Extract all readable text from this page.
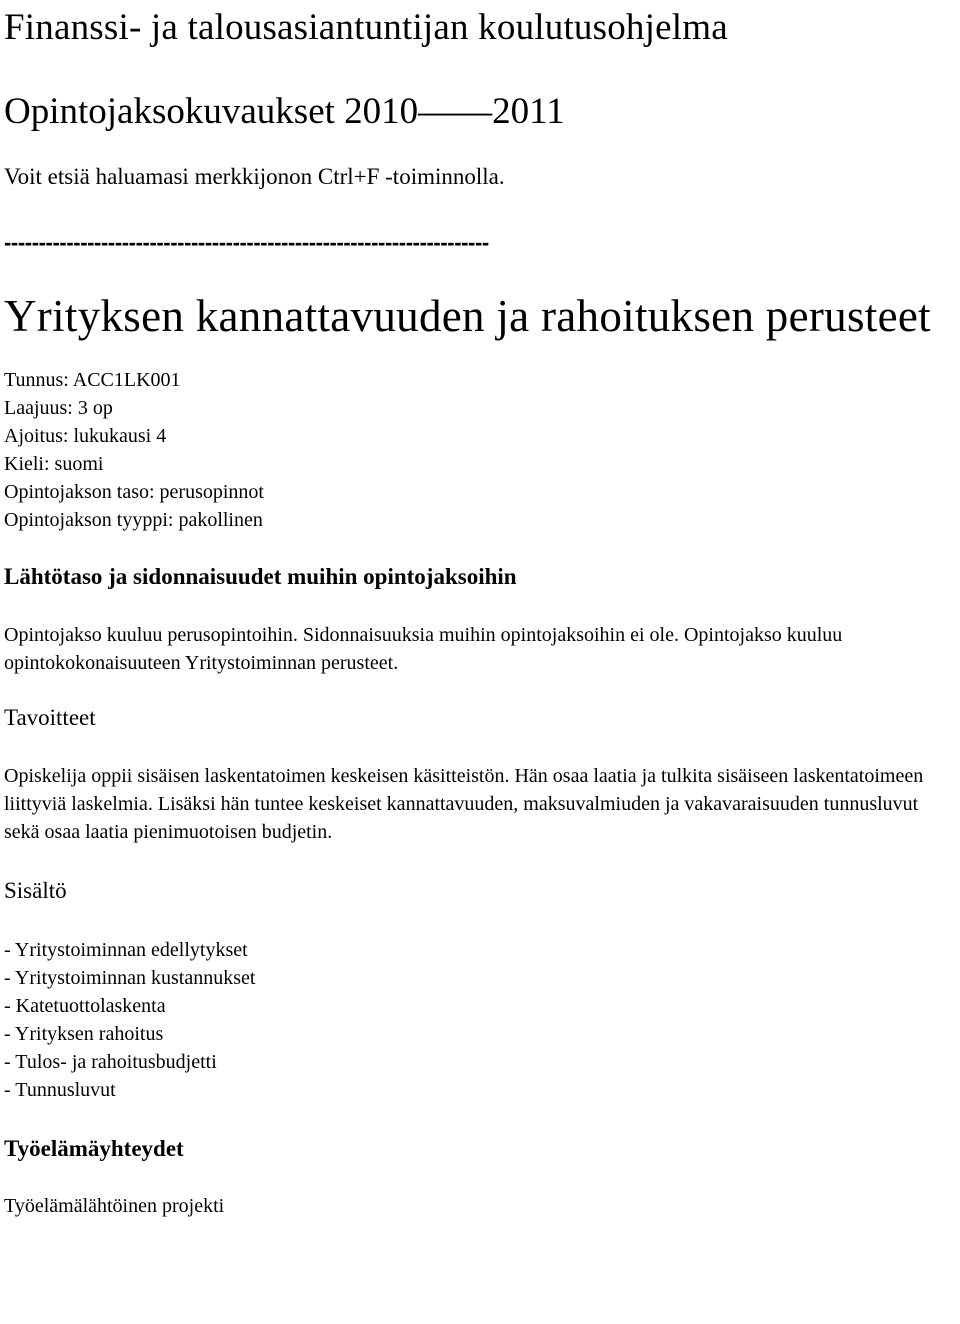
Finanssi- ja talousasiantuntijan koulutusohjelma
Opintojaksokuvaukset 2010——2011

Voit etsiä haluamasi merkkijonon Ctrl+F -toiminnolla.

----------------------------------------------------------------------
Yrityksen kannattavuuden ja rahoituksen perusteet
Tunnus: ACC1LK001
Laajuus: 3 op
Ajoitus: lukukausi 4
Kieli: suomi
Opintojakson taso: perusopinnot
Opintojakson tyyppi: pakollinen
Lähtötaso ja sidonnaisuudet muihin opintojaksoihin

Opintojakso kuuluu perusopintoihin. Sidonnaisuuksia muihin opintojaksoihin ei ole. Opintojakso kuuluu opintokokonaisuuteen Yritystoiminnan perusteet.

Tavoitteet

Opiskelija oppii sisäisen laskentatoimen keskeisen käsitteistön. Hän osaa laatia ja tulkita sisäiseen laskentatoimeen liittyviä laskelmia. Lisäksi hän tuntee keskeiset kannattavuuden, maksuvalmiuden ja vakavaraisuuden tunnusluvut sekä osaa laatia pienimuotoisen budjetin.

Sisältö
- Yritystoiminnan edellytykset
- Yritystoiminnan kustannukset
- Katetuottolaskenta
- Yrityksen rahoitus
- Tulos- ja rahoitusbudjetti
- Tunnusluvut
Työelämäyhteydet

Työelämälähtöinen projekti
